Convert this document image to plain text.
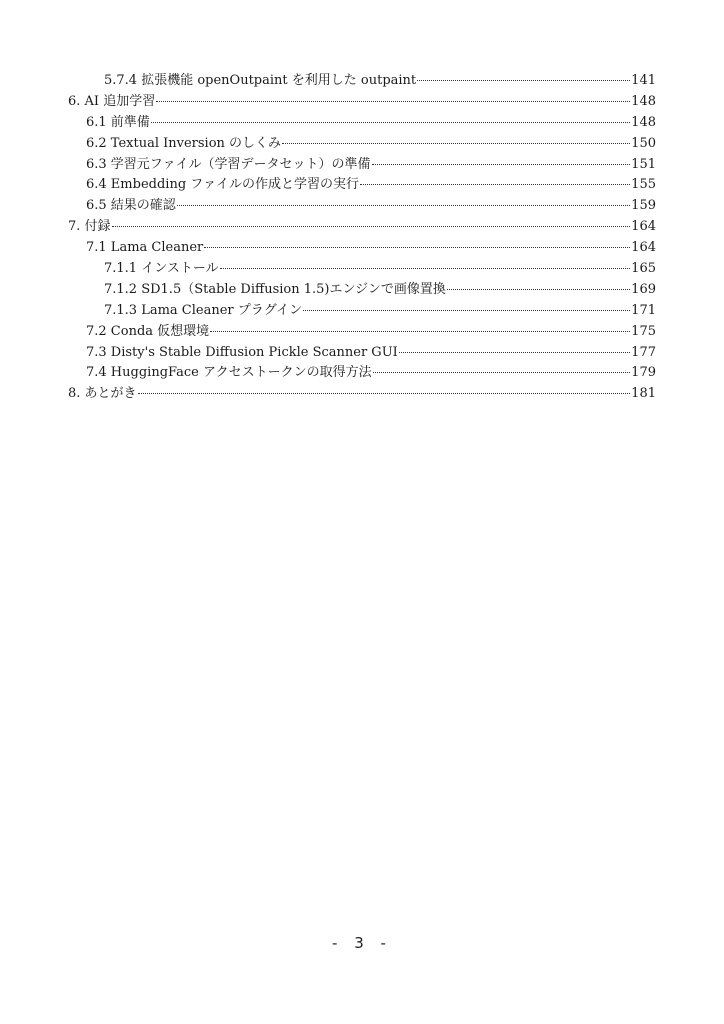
5.7.4 拡張機能 openOutpaint を利用した outpaint	141
6. AI 追加学習	148
6.1 前準備	148
6.2 Textual Inversion のしくみ	150
6.3 学習元ファイル（学習データセット）の準備	151
6.4 Embedding ファイルの作成と学習の実行	155
6.5 結果の確認	159
7. 付録	164
7.1 Lama Cleaner	164
7.1.1 インストール	165
7.1.2 SD1.5（Stable Diffusion 1.5)エンジンで画像置換	169
7.1.3 Lama Cleaner プラグイン	171
7.2 Conda 仮想環境	175
7.3 Disty's Stable Diffusion Pickle Scanner GUI	177
7.4 HuggingFace アクセストークンの取得方法	179
8. あとがき	181
- 3 -
